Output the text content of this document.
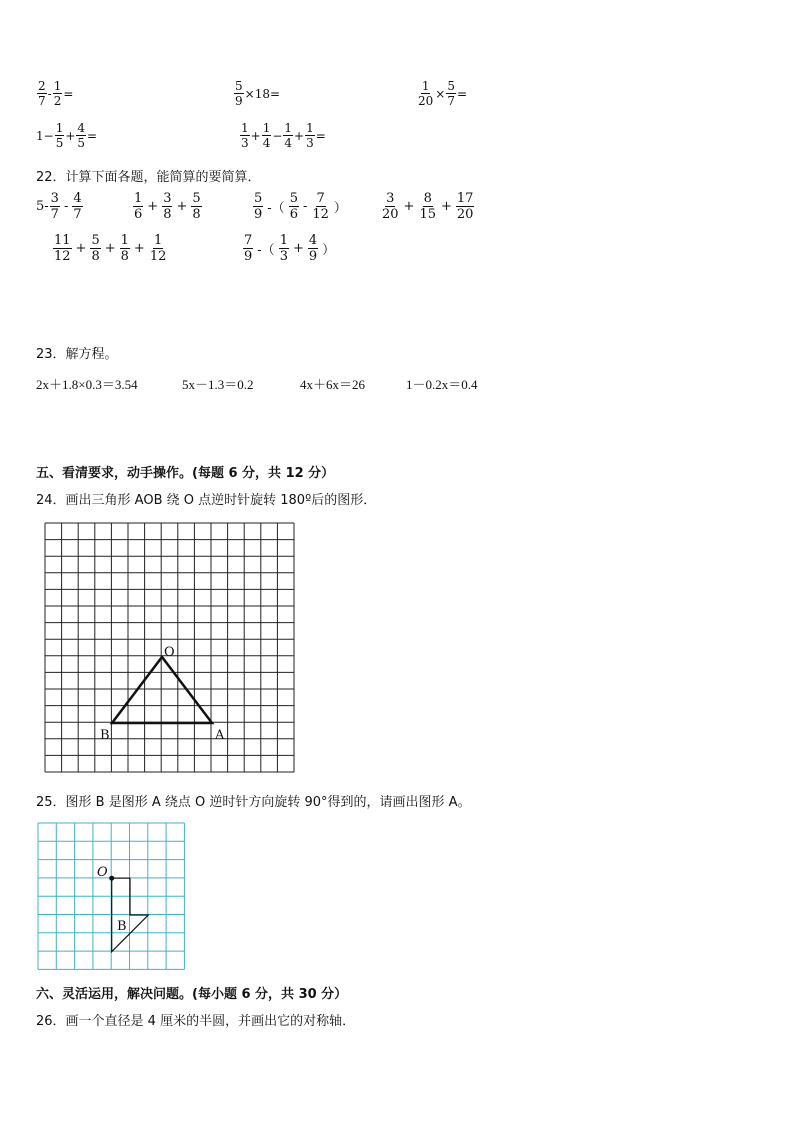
$\frac{2}{7} - \frac{1}{2}$ =	$\frac{5}{9} \times 18=$	$\frac{1}{20} \times \frac{5}{7}$ =
$1- \frac{1}{5} + \frac{4}{5}$ =	$\frac{1}{3} + \frac{1}{4} - \frac{1}{4} + \frac{1}{3}$ =
22．计算下面各题，能简算的要简算．
$5- \frac{3}{7} - \frac{4}{7}$	$\frac{1}{6} + \frac{3}{8} + \frac{5}{8}$	$\frac{5}{9}$ -（ $\frac{5}{6} - \frac{7}{12}$ ）	$\frac{3}{20} + \frac{8}{15} + \frac{17}{20}$
$\frac{11}{12} + \frac{5}{8} + \frac{1}{8} + \frac{1}{12}$	$\frac{7}{9}$ -（ $\frac{1}{3} + \frac{4}{9}$ ）
23．解方程。
2x＋1.8×0.3＝3.54	5x－1.3＝0.2	4x＋6x＝26	1－0.2x＝0.4
五、看清要求，动手操作。(每题 6 分，共 12 分）
24．画出三角形 AOB 绕 O 点逆时针旋转 180º后的图形．
O
B	A
25．图形 B 是图形 A 绕点 O 逆时针方向旋转 90°得到的，请画出图形 A。
O
B
六、灵活运用，解决问题。(每小题 6 分，共 30 分）
26．画一个直径是 4 厘米的半圆，并画出它的对称轴．
